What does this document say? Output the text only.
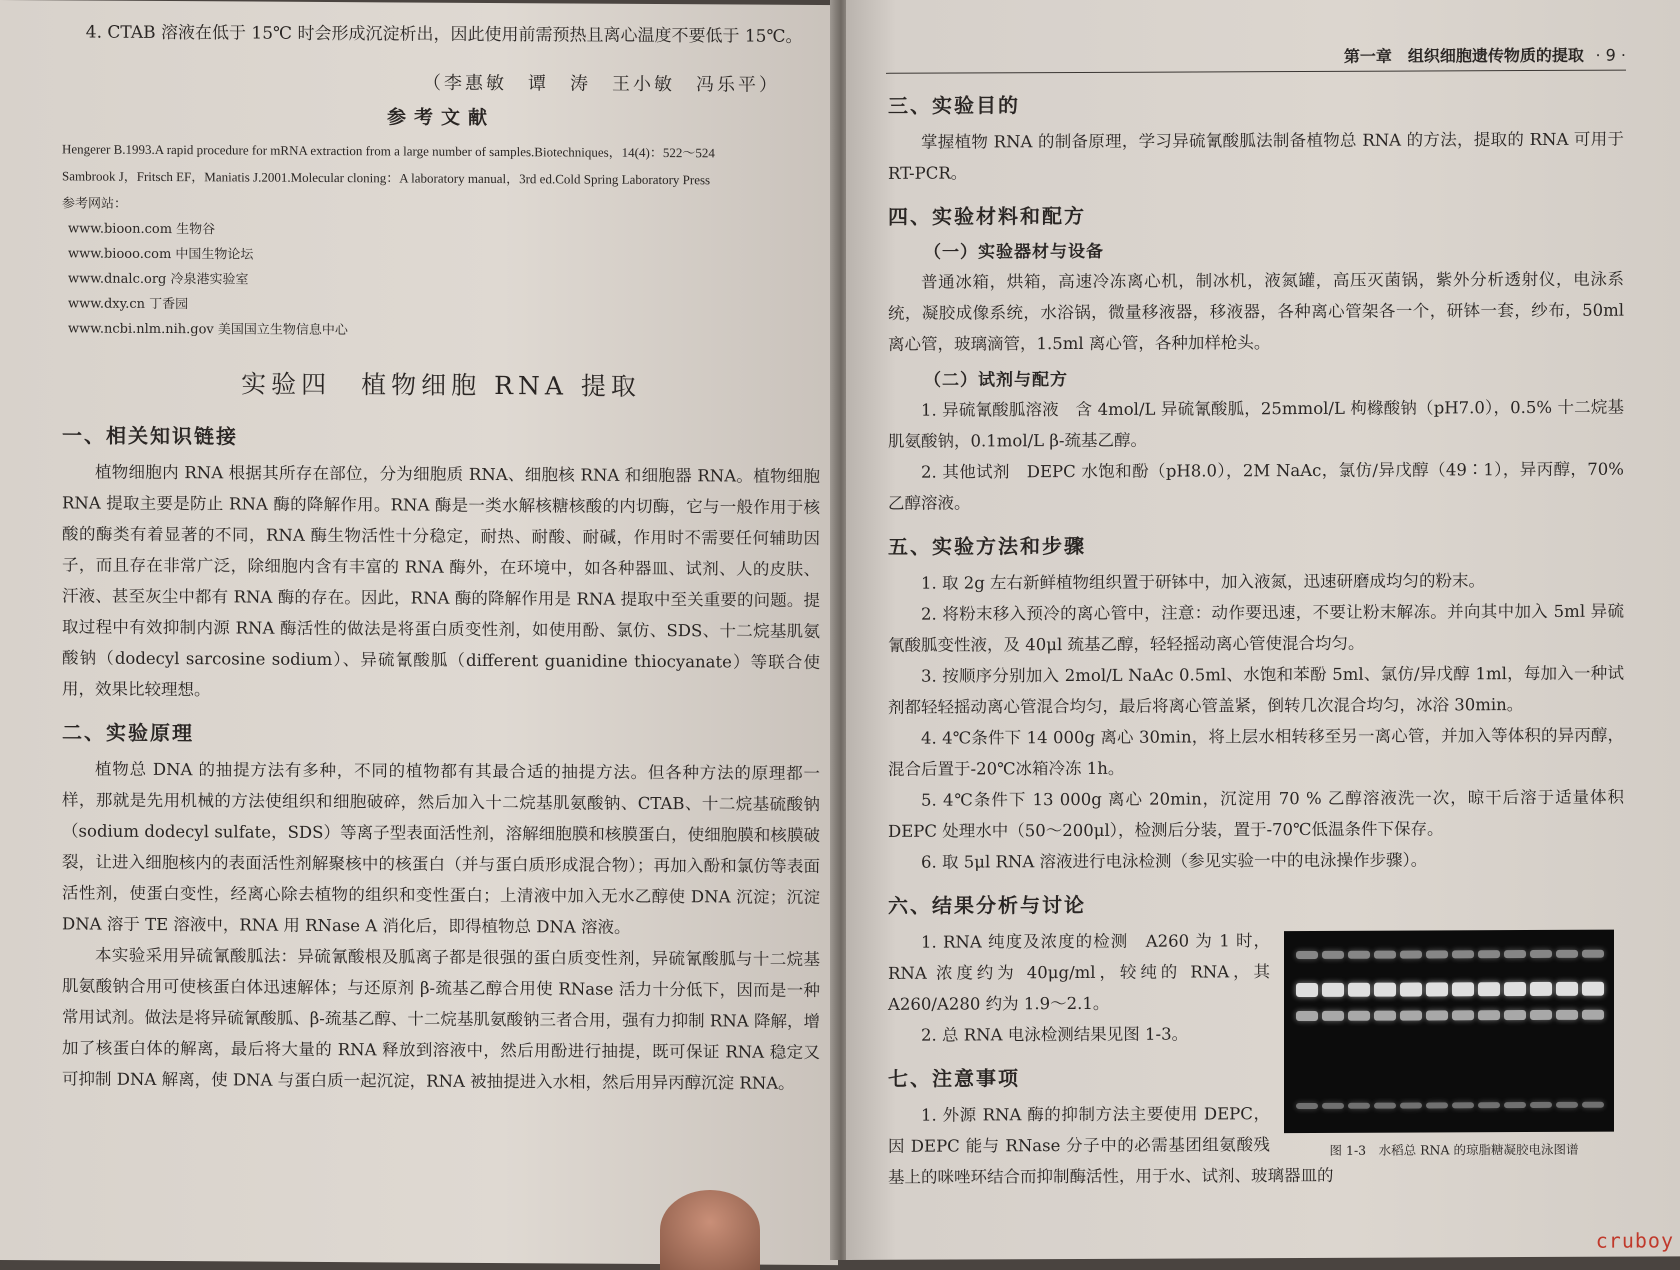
4. CTAB 溶液在低于 15℃ 时会形成沉淀析出，因此使用前需预热且离心温度不要低于 15℃。

（李惠敏　谭　涛　王小敏　冯乐平）
参考文献

Hengerer B.1993.A rapid procedure for mRNA extraction from a large number of samples.Biotechniques，14(4)：522～524

Sambrook J，Fritsch EF，Maniatis J.2001.Molecular cloning：A laboratory manual，3rd ed.Cold Spring Laboratory Press

参考网站：

www.bioon.com 生物谷

www.biooo.com 中国生物论坛

www.dnalc.org 冷泉港实验室

www.dxy.cn 丁香园

www.ncbi.nlm.nih.gov 美国国立生物信息中心

实验四　植物细胞 RNA 提取
一、相关知识链接

植物细胞内 RNA 根据其所存在部位，分为细胞质 RNA、细胞核 RNA 和细胞器 RNA。植物细胞 RNA 提取主要是防止 RNA 酶的降解作用。RNA 酶是一类水解核糖核酸的内切酶，它与一般作用于核酸的酶类有着显著的不同，RNA 酶生物活性十分稳定，耐热、耐酸、耐碱，作用时不需要任何辅助因子，而且存在非常广泛，除细胞内含有丰富的 RNA 酶外，在环境中，如各种器皿、试剂、人的皮肤、汗液、甚至灰尘中都有 RNA 酶的存在。因此，RNA 酶的降解作用是 RNA 提取中至关重要的问题。提取过程中有效抑制内源 RNA 酶活性的做法是将蛋白质变性剂，如使用酚、氯仿、SDS、十二烷基肌氨酸钠（dodecyl sarcosine sodium）、异硫氰酸胍（different guanidine thiocyanate）等联合使用，效果比较理想。

二、实验原理

植物总 DNA 的抽提方法有多种，不同的植物都有其最合适的抽提方法。但各种方法的原理都一样，那就是先用机械的方法使组织和细胞破碎，然后加入十二烷基肌氨酸钠、CTAB、十二烷基硫酸钠（sodium dodecyl sulfate，SDS）等离子型表面活性剂，溶解细胞膜和核膜蛋白，使细胞膜和核膜破裂，让进入细胞核内的表面活性剂解聚核中的核蛋白（并与蛋白质形成混合物）；再加入酚和氯仿等表面活性剂，使蛋白变性，经离心除去植物的组织和变性蛋白；上清液中加入无水乙醇使 DNA 沉淀；沉淀 DNA 溶于 TE 溶液中，RNA 用 RNase A 消化后，即得植物总 DNA 溶液。

本实验采用异硫氰酸胍法：异硫氰酸根及胍离子都是很强的蛋白质变性剂，异硫氰酸胍与十二烷基肌氨酸钠合用可使核蛋白体迅速解体；与还原剂 β-巯基乙醇合用使 RNase 活力十分低下，因而是一种常用试剂。做法是将异硫氰酸胍、β-巯基乙醇、十二烷基肌氨酸钠三者合用，强有力抑制 RNA 降解，增加了核蛋白体的解离，最后将大量的 RNA 释放到溶液中，然后用酚进行抽提，既可保证 RNA 稳定又可抑制 DNA 解离，使 DNA 与蛋白质一起沉淀，RNA 被抽提进入水相，然后用异丙醇沉淀 RNA。

第一章　组织细胞遗传物质的提取 · 9 ·
三、实验目的

掌握植物 RNA 的制备原理，学习异硫氰酸胍法制备植物总 RNA 的方法，提取的 RNA 可用于 RT-PCR。

四、实验材料和配方
（一）实验器材与设备

普通冰箱，烘箱，高速冷冻离心机，制冰机，液氮罐，高压灭菌锅，紫外分析透射仪，电泳系统，凝胶成像系统，水浴锅，微量移液器，移液器，各种离心管架各一个，研钵一套，纱布，50ml 离心管，玻璃滴管，1.5ml 离心管，各种加样枪头。

（二）试剂与配方

1. 异硫氰酸胍溶液　含 4mol/L 异硫氰酸胍，25mmol/L 枸橼酸钠（pH7.0），0.5% 十二烷基肌氨酸钠，0.1mol/L β-巯基乙醇。

2. 其他试剂　DEPC 水饱和酚（pH8.0），2M NaAc，氯仿/异戊醇（49∶1），异丙醇，70% 乙醇溶液。

五、实验方法和步骤

1. 取 2g 左右新鲜植物组织置于研钵中，加入液氮，迅速研磨成均匀的粉末。

2. 将粉末移入预冷的离心管中，注意：动作要迅速，不要让粉末解冻。并向其中加入 5ml 异硫氰酸胍变性液，及 40μl 巯基乙醇，轻轻摇动离心管使混合均匀。

3. 按顺序分别加入 2mol/L NaAc 0.5ml、水饱和苯酚 5ml、氯仿/异戊醇 1ml，每加入一种试剂都轻轻摇动离心管混合均匀，最后将离心管盖紧，倒转几次混合均匀，冰浴 30min。

4. 4℃条件下 14 000g 离心 30min，将上层水相转移至另一离心管，并加入等体积的异丙醇，混合后置于-20℃冰箱冷冻 1h。

5. 4℃条件下 13 000g 离心 20min，沉淀用 70 % 乙醇溶液洗一次，晾干后溶于适量体积 DEPC 处理水中（50～200μl），检测后分装，置于-70℃低温条件下保存。

6. 取 5μl RNA 溶液进行电泳检测（参见实验一中的电泳操作步骤）。

六、结果分析与讨论
图 1-3　水稻总 RNA 的琼脂糖凝胶电泳图谱

1. RNA 纯度及浓度的检测　A260 为 1 时，RNA 浓度约为 40μg/ml，较纯的 RNA，其 A260/A280 约为 1.9～2.1。

2. 总 RNA 电泳检测结果见图 1-3。

七、注意事项

1. 外源 RNA 酶的抑制方法主要使用 DEPC，因 DEPC 能与 RNase 分子中的必需基团组氨酸残基上的咪唑环结合而抑制酶活性，用于水、试剂、玻璃器皿的

cruboy
